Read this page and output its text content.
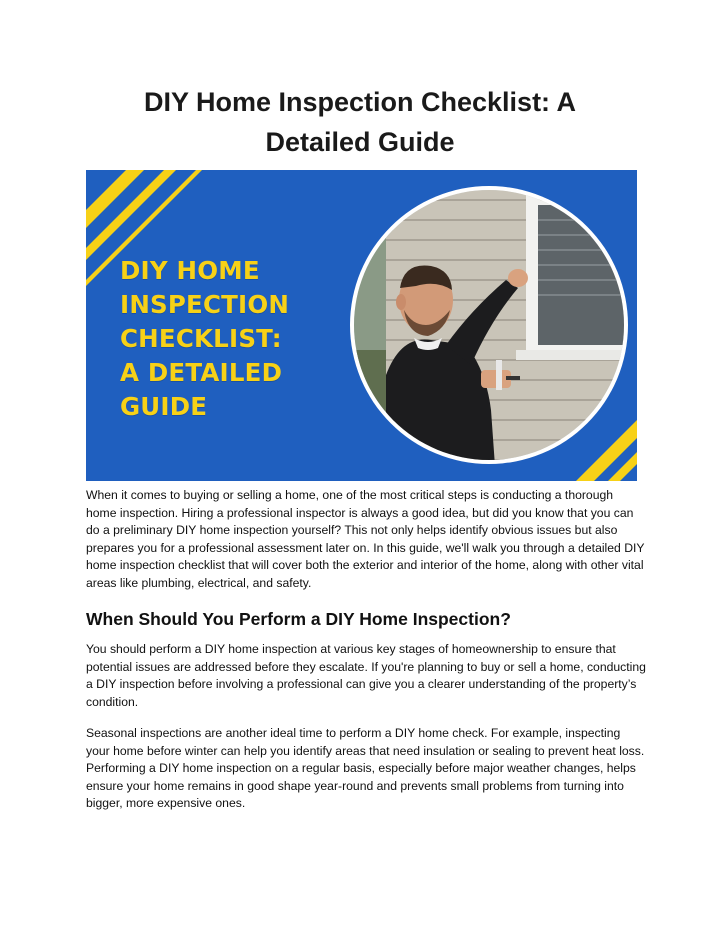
DIY Home Inspection Checklist: A
Detailed Guide
DIY HOME
INSPECTION
CHECKLIST:
A DETAILED
GUIDE

When it comes to buying or selling a home, one of the most critical steps is conducting a thorough home inspection. Hiring a professional inspector is always a good idea, but did you know that you can do a preliminary DIY home inspection yourself? This not only helps identify obvious issues but also prepares you for a professional assessment later on. In this guide, we'll walk you through a detailed DIY home inspection checklist that will cover both the exterior and interior of the home, along with other vital areas like plumbing, electrical, and safety.

When Should You Perform a DIY Home Inspection?

You should perform a DIY home inspection at various key stages of homeownership to ensure that potential issues are addressed before they escalate. If you're planning to buy or sell a home, conducting a DIY inspection before involving a professional can give you a clearer understanding of the property’s condition.

Seasonal inspections are another ideal time to perform a DIY home check. For example, inspecting your home before winter can help you identify areas that need insulation or sealing to prevent heat loss. Performing a DIY home inspection on a regular basis, especially before major weather changes, helps ensure your home remains in good shape year-round and prevents small problems from turning into bigger, more expensive ones.
